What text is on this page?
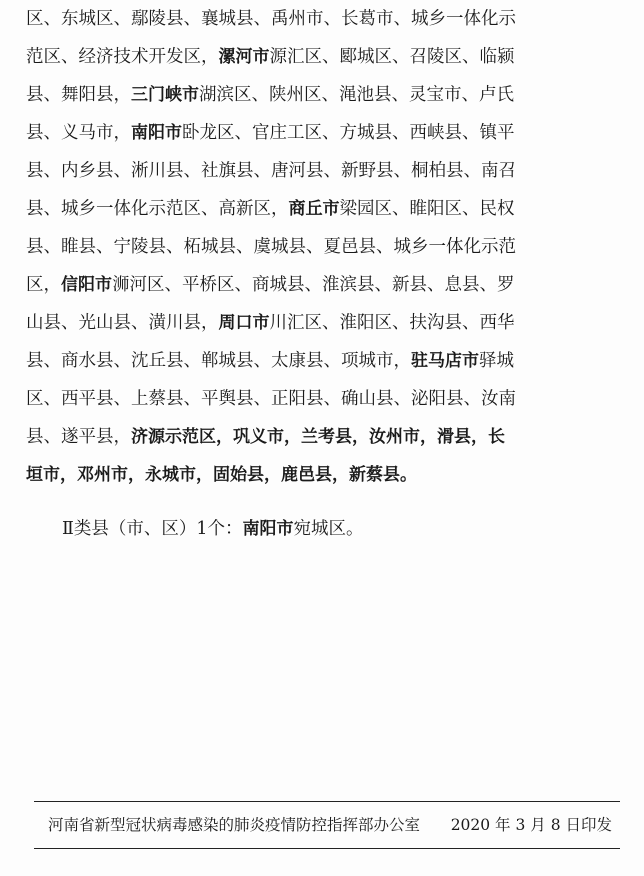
区、东城区、鄢陵县、襄城县、禹州市、长葛市、城乡一体化示
范区、经济技术开发区，漯河市源汇区、郾城区、召陵区、临颍
县、舞阳县，三门峡市湖滨区、陕州区、渑池县、灵宝市、卢氏
县、义马市，南阳市卧龙区、官庄工区、方城县、西峡县、镇平
县、内乡县、淅川县、社旗县、唐河县、新野县、桐柏县、南召
县、城乡一体化示范区、高新区，商丘市梁园区、睢阳区、民权
县、睢县、宁陵县、柘城县、虞城县、夏邑县、城乡一体化示范
区，信阳市浉河区、平桥区、商城县、淮滨县、新县、息县、罗
山县、光山县、潢川县，周口市川汇区、淮阳区、扶沟县、西华
县、商水县、沈丘县、郸城县、太康县、项城市，驻马店市驿城
区、西平县、上蔡县、平舆县、正阳县、确山县、泌阳县、汝南
县、遂平县，济源示范区，巩义市，兰考县，汝州市，滑县，长
垣市，邓州市，永城市，固始县，鹿邑县，新蔡县。
Ⅱ类县（市、区）1个：南阳市宛城区。
河南省新型冠状病毒感染的肺炎疫情防控指挥部办公室 2020 年 3 月 8 日印发
